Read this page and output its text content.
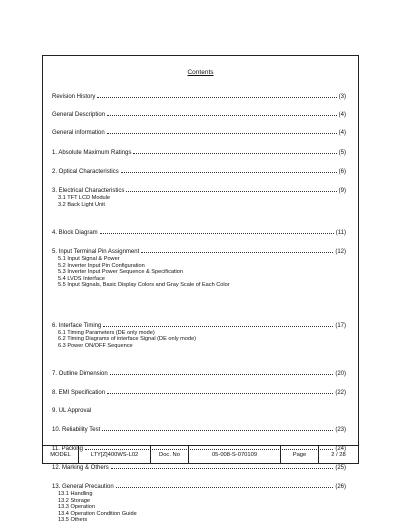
Contents
Revision History	(3)
General Description	(4)
General information	(4)
1. Absolute Maximum Ratings	(5)
2. Optical Characteristics	(6)
3. Electrical Characteristics	(9)
3.1 TFT LCD Module
3.2 Back Light Unit
4. Block Diagram	(11)
5. Input Terminal Pin Assignment	(12)
5.1 Input Signal & Power
5.2 Inverter Input Pin Configuration
5.3 Inverter Input Power Sequence & Specification
5.4 LVDS Interface
5.5 Input Signals, Basic Display Colors and Gray Scale of Each Color
6. Interface Timing	(17)
6.1 Timing Parameters (DE only mode)
6.2 Timing Diagrams of interface Signal (DE only mode)
6.3 Power ON/OFF Sequence
7. Outline Dimension	(20)
8. EMI Specification	(22)
9. UL Approval
10. Reliability Test	(23)
11. Packing	(24)
12. Marking & Others	(25)
13. General Precaution	(26)
13.1 Handling
13.2 Storage
13.3 Operation
13.4 Operation Condition Guide
13.5 Others
MODEL	LTY[Z]400WS-L02	Doc. No	05-008-S-070109	Page	2 / 28
